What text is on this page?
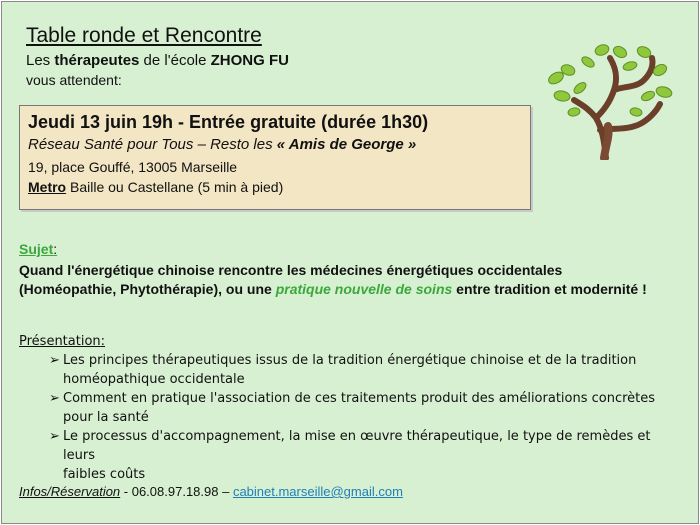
Table ronde et Rencontre
Les thérapeutes de l'école ZHONG FU
vous attendent:
Jeudi 13 juin 19h - Entrée gratuite (durée 1h30)
Réseau Santé pour Tous – Resto les « Amis de George »
19, place Gouffé, 13005 Marseille
Metro Baille ou Castellane (5 min à pied)
Sujet:
Quand l'énergétique chinoise rencontre les médecines énergétiques occidentales (Homéopathie, Phytothérapie), ou une pratique nouvelle de soins entre tradition et modernité !
Présentation:
➢ Les principes thérapeutiques issus de la tradition énergétique chinoise et de la tradition
homéopathique occidentale
➢ Comment en pratique l'association de ces traitements produit des améliorations concrètes
pour la santé
➢ Le processus d'accompagnement, la mise en œuvre thérapeutique, le type de remèdes et leurs
faibles coûts
Infos/Réservation - 06.08.97.18.98 – cabinet.marseille@gmail.com
